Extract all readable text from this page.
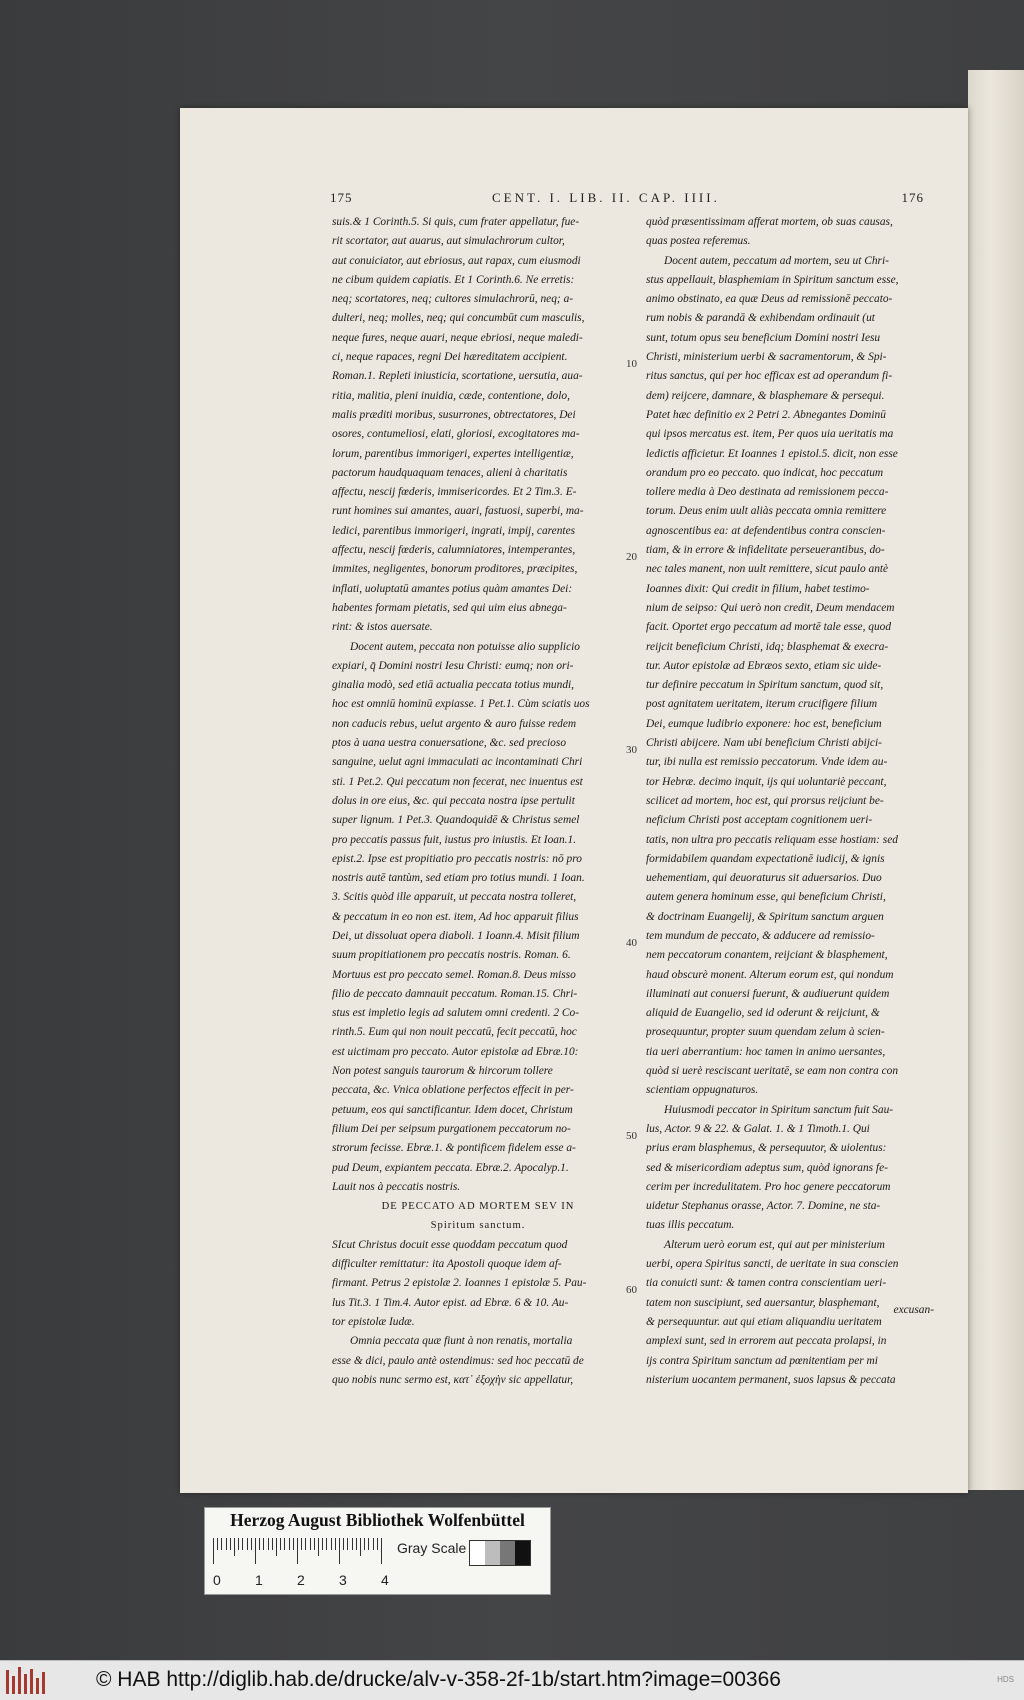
175	CENT. I. LIB. II. CAP. IIII.	176

suis.& 1 Corinth.5. Si quis, cum frater appellatur, fue-

rit scortator, aut auarus, aut simulachrorum cultor,

aut conuiciator, aut ebriosus, aut rapax, cum eiusmodi

ne cibum quidem capiatis. Et 1 Corinth.6. Ne erretis:

neq; scortatores, neq; cultores simulachrorū, neq; a-

dulteri, neq; molles, neq; qui concumbūt cum masculis,

neque fures, neque auari, neque ebriosi, neque maledi-

ci, neque rapaces, regni Dei hæreditatem accipient.

Roman.1. Repleti iniusticia, scortatione, uersutia, aua-

ritia, malitia, pleni inuidia, cæde, contentione, dolo,

malis præditi moribus, susurrones, obtrectatores, Dei

osores, contumeliosi, elati, gloriosi, excogitatores ma-

lorum, parentibus immorigeri, expertes intelligentiæ,

pactorum haudquaquam tenaces, alieni à charitatis

affectu, nescij fœderis, immisericordes. Et 2 Tim.3. E-

runt homines sui amantes, auari, fastuosi, superbi, ma-

ledici, parentibus immorigeri, ingrati, impij, carentes

affectu, nescij fœderis, calumniatores, intemperantes,

immites, negligentes, bonorum proditores, præcipites,

inflati, uoluptatū amantes potius quàm amantes Dei:

habentes formam pietatis, sed qui uim eius abnega-

rint: & istos auersate.

Docent autem, peccata non potuisse alio supplicio

expiari, q̄ Domini nostri Iesu Christi: eumq; non ori-

ginalia modò, sed etiā actualia peccata totius mundi,

hoc est omniū hominū expiasse. 1 Pet.1. Cùm sciatis uos

non caducis rebus, uelut argento & auro fuisse redem

ptos à uana uestra conuersatione, &c. sed precioso

sanguine, uelut agni immaculati ac incontaminati Chri

sti. 1 Pet.2. Qui peccatum non fecerat, nec inuentus est

dolus in ore eius, &c. qui peccata nostra ipse pertulit

super lignum. 1 Pet.3. Quandoquidē & Christus semel

pro peccatis passus fuit, iustus pro iniustis. Et Ioan.1.

epist.2. Ipse est propitiatio pro peccatis nostris: nō pro

nostris autē tantùm, sed etiam pro totius mundi. 1 Ioan.

3. Scitis quòd ille apparuit, ut peccata nostra tolleret,

& peccatum in eo non est. item, Ad hoc apparuit filius

Dei, ut dissoluat opera diaboli. 1 Ioann.4. Misit filium

suum propitiationem pro peccatis nostris. Roman. 6.

Mortuus est pro peccato semel. Roman.8. Deus misso

filio de peccato damnauit peccatum. Roman.15. Chri-

stus est impletio legis ad salutem omni credenti. 2 Co-

rinth.5. Eum qui non nouit peccatū, fecit peccatū, hoc

est uictimam pro peccato. Autor epistolæ ad Ebræ.10:

Non potest sanguis taurorum & hircorum tollere

peccata, &c. Vnica oblatione perfectos effecit in per-

petuum, eos qui sanctificantur. Idem docet, Christum

filium Dei per seipsum purgationem peccatorum no-

strorum fecisse. Ebræ.1. & pontificem fidelem esse a-

pud Deum, expiantem peccata. Ebræ.2. Apocalyp.1.

Lauit nos à peccatis nostris.

DE PECCATO AD MORTEM SEV IN

Spiritum sanctum.

SIcut Christus docuit esse quoddam peccatum quod

difficulter remittatur: ita Apostoli quoque idem af-

firmant. Petrus 2 epistolæ 2. Ioannes 1 epistolæ 5. Pau-

lus Tit.3. 1 Tim.4. Autor epist. ad Ebræ. 6 & 10. Au-

tor epistolæ Iudæ.

Omnia peccata quæ fiunt à non renatis, mortalia

esse & dici, paulo antè ostendimus: sed hoc peccatū de

quo nobis nunc sermo est, κατ᾽ ἐξοχὴν sic appellatur,

quòd præsentissimam afferat mortem, ob suas causas,

quas postea referemus.

Docent autem, peccatum ad mortem, seu ut Chri-

stus appellauit, blasphemiam in Spiritum sanctum esse,

animo obstinato, ea quæ Deus ad remissionē peccato-

rum nobis & parandā & exhibendam ordinauit (ut

sunt, totum opus seu beneficium Domini nostri Iesu

Christi, ministerium uerbi & sacramentorum, & Spi-

ritus sanctus, qui per hoc efficax est ad operandum fi-

dem) reijcere, damnare, & blasphemare & persequi.

Patet hæc definitio ex 2 Petri 2. Abnegantes Dominū

qui ipsos mercatus est. item, Per quos uia ueritatis ma

ledictis afficietur. Et Ioannes 1 epistol.5. dicit, non esse

orandum pro eo peccato. quo indicat, hoc peccatum

tollere media à Deo destinata ad remissionem pecca-

torum. Deus enim uult aliàs peccata omnia remittere

agnoscentibus ea: at defendentibus contra conscien-

tiam, & in errore & infidelitate perseuerantibus, do-

nec tales manent, non uult remittere, sicut paulo antè

Ioannes dixit: Qui credit in filium, habet testimo-

nium de seipso: Qui uerò non credit, Deum mendacem

facit. Oportet ergo peccatum ad mortē tale esse, quod

reijcit beneficium Christi, idq; blasphemat & execra-

tur. Autor epistolæ ad Ebræos sexto, etiam sic uide-

tur definire peccatum in Spiritum sanctum, quod sit,

post agnitatem ueritatem, iterum crucifigere filium

Dei, eumque ludibrio exponere: hoc est, beneficium

Christi abijcere. Nam ubi beneficium Christi abijci-

tur, ibi nulla est remissio peccatorum. Vnde idem au-

tor Hebræ. decimo inquit, ijs qui uoluntariè peccant,

scilicet ad mortem, hoc est, qui prorsus reijciunt be-

neficium Christi post acceptam cognitionem ueri-

tatis, non ultra pro peccatis reliquam esse hostiam: sed

formidabilem quandam expectationē iudicij, & ignis

uehementiam, qui deuoraturus sit aduersarios. Duo

autem genera hominum esse, qui beneficium Christi,

& doctrinam Euangelij, & Spiritum sanctum arguen

tem mundum de peccato, & adducere ad remissio-

nem peccatorum conantem, reijciant & blasphement,

haud obscurè monent. Alterum eorum est, qui nondum

illuminati aut conuersi fuerunt, & audiuerunt quidem

aliquid de Euangelio, sed id oderunt & reijciunt, &

prosequuntur, propter suum quendam zelum à scien-

tia ueri aberrantium: hoc tamen in animo uersantes,

quòd si uerè resciscant ueritatē, se eam non contra con

scientiam oppugnaturos.

Huiusmodi peccator in Spiritum sanctum fuit Sau-

lus, Actor. 9 & 22. & Galat. 1. & 1 Timoth.1. Qui

prius eram blasphemus, & persequutor, & uiolentus:

sed & misericordiam adeptus sum, quòd ignorans fe-

cerim per incredulitatem. Pro hoc genere peccatorum

uidetur Stephanus orasse, Actor. 7. Domine, ne sta-

tuas illis peccatum.

Alterum uerò eorum est, qui aut per ministerium

uerbi, opera Spiritus sancti, de ueritate in sua conscien

tia conuicti sunt: & tamen contra conscientiam ueri-

tatem non suscipiunt, sed auersantur, blasphemant,

& persequuntur. aut qui etiam aliquandiu ueritatem

amplexi sunt, sed in errorem aut peccata prolapsi, in

ijs contra Spiritum sanctum ad pœnitentiam per mi

nisterium uocantem permanent, suos lapsus & peccata

10
20
30
40
50
60
excusan-
Herzog August Bibliothek Wolfenbüttel
0 1 2 3 4
Gray Scale
© HAB http://diglib.hab.de/drucke/alv-v-358-2f-1b/start.htm?image=00366	HDS
